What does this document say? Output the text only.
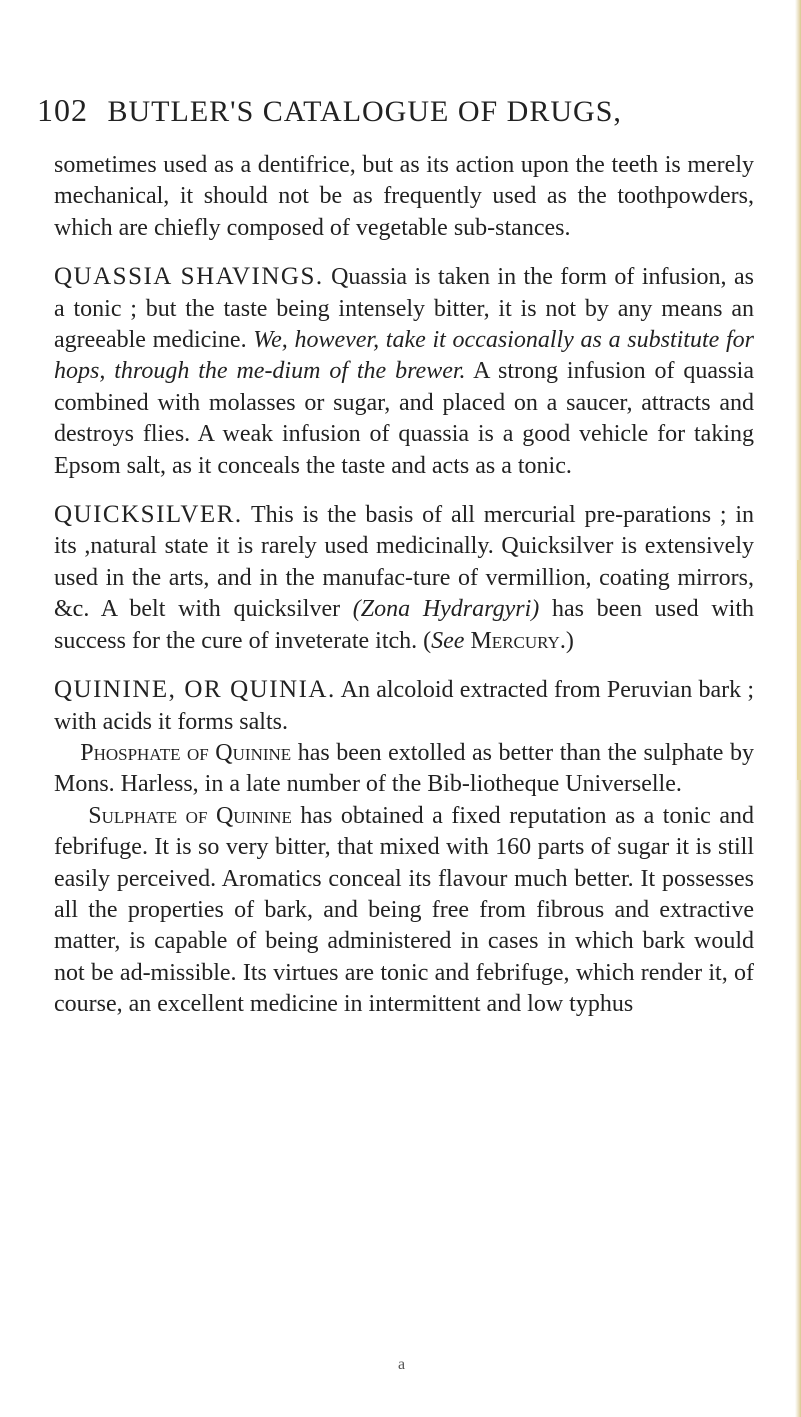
102 BUTLER'S CATALOGUE OF DRUGS,

sometimes used as a dentifrice, but as its action upon the teeth is merely mechanical, it should not be as frequently used as the toothpowders, which are chiefly composed of vegetable sub-stances.

QUASSIA SHAVINGS. Quassia is taken in the form of infusion, as a tonic ; but the taste being intensely bitter, it is not by any means an agreeable medicine. We, however, take it occasionally as a substitute for hops, through the me-dium of the brewer. A strong infusion of quassia combined with molasses or sugar, and placed on a saucer, attracts and destroys flies. A weak infusion of quassia is a good vehicle for taking Epsom salt, as it conceals the taste and acts as a tonic.

QUICKSILVER. This is the basis of all mercurial pre-parations ; in its ,natural state it is rarely used medicinally. Quicksilver is extensively used in the arts, and in the manufac-ture of vermillion, coating mirrors, &c. A belt with quicksilver (Zona Hydrargyri) has been used with success for the cure of inveterate itch. (See Mercury.)

QUININE, OR QUINIA. An alcoloid extracted from Peruvian bark ; with acids it forms salts.

Phosphate of Quinine has been extolled as better than the sulphate by Mons. Harless, in a late number of the Bib-liotheque Universelle.

Sulphate of Quinine has obtained a fixed reputation as a tonic and febrifuge. It is so very bitter, that mixed with 160 parts of sugar it is still easily perceived. Aromatics conceal its flavour much better. It possesses all the properties of bark, and being free from fibrous and extractive matter, is capable of being administered in cases in which bark would not be ad-missible. Its virtues are tonic and febrifuge, which render it, of course, an excellent medicine in intermittent and low typhus

a
